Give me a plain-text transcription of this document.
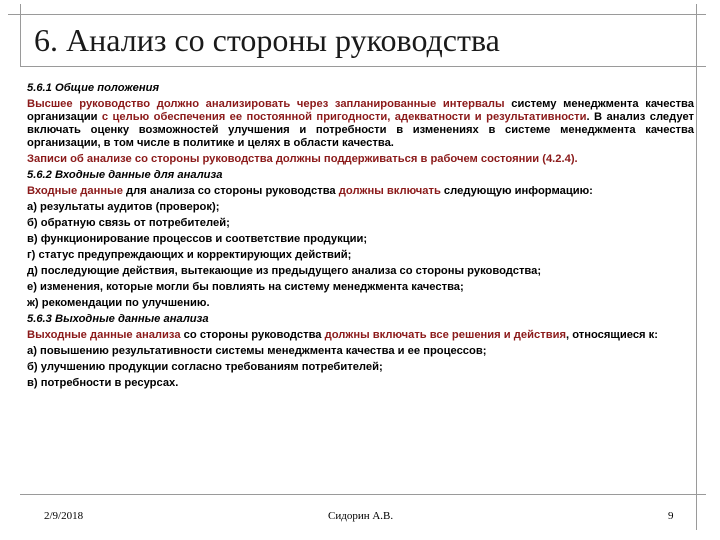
6. Анализ со стороны руководства

5.6.1 Общие положения

Высшее руководство должно анализировать через запланированные интервалы систему менеджмента качества организации с целью обеспечения ее постоянной пригодности, адекватности и результативности. В анализ следует включать оценку возможностей улучшения и потребности в изменениях в системе менеджмента качества организации, в том числе в политике и целях в области качества.

Записи об анализе со стороны руководства должны поддерживаться в рабочем состоянии (4.2.4).

5.6.2 Входные данные для анализа

Входные данные для анализа со стороны руководства должны включать следующую информацию:

а) результаты аудитов (проверок);

б) обратную связь от потребителей;

в) функционирование процессов и соответствие продукции;

г) статус предупреждающих и корректирующих действий;

д) последующие действия, вытекающие из предыдущего анализа со стороны руководства;

е) изменения, которые могли бы повлиять на систему менеджмента качества;

ж) рекомендации по улучшению.

5.6.3 Выходные данные анализа

Выходные данные анализа со стороны руководства должны включать все решения и действия, относящиеся к:

а) повышению результативности системы менеджмента качества и ее процессов;

б) улучшению продукции согласно требованиям потребителей;

в) потребности в ресурсах.

2/9/2018	Сидорин А.В.	9
